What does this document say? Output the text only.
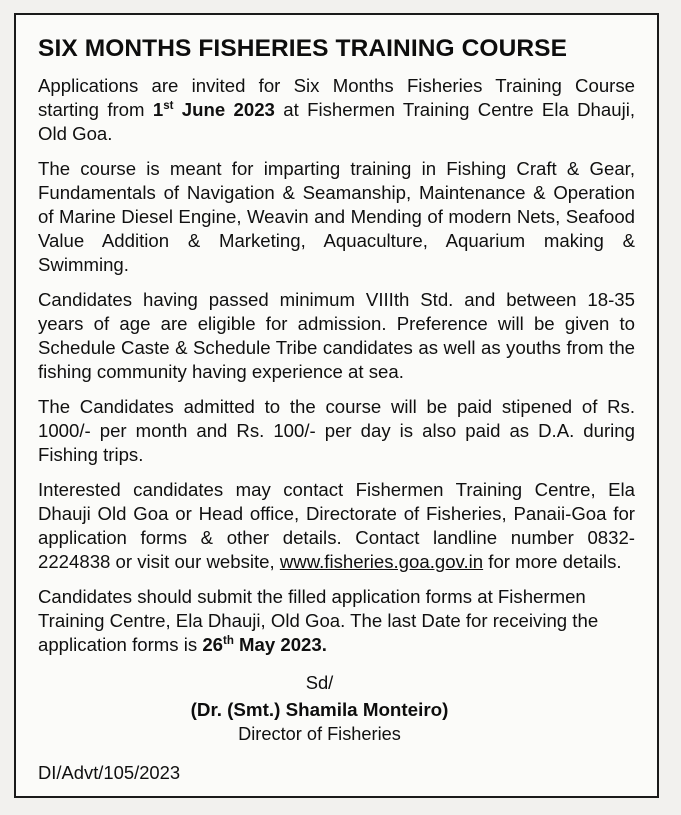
SIX MONTHS FISHERIES TRAINING COURSE

Applications are invited for Six Months Fisheries Training Course starting from 1st June 2023 at Fishermen Training Centre Ela Dhauji, Old Goa.

The course is meant for imparting training in Fishing Craft & Gear, Fundamentals of Navigation & Seamanship, Maintenance & Operation of Marine Diesel Engine, Weavin and Mending of modern Nets, Seafood Value Addition & Marketing, Aquaculture, Aquarium making & Swimming.

Candidates having passed minimum VIIIth Std. and between 18-35 years of age are eligible for admission. Preference will be given to Schedule Caste & Schedule Tribe candidates as well as youths from the fishing community having experience at sea.

The Candidates admitted to the course will be paid stipened of Rs. 1000/- per month and Rs. 100/- per day is also paid as D.A. during Fishing trips.

Interested candidates may contact Fishermen Training Centre, Ela Dhauji Old Goa or Head office, Directorate of Fisheries, Panaii-Goa for application forms & other details. Contact landline number 0832-2224838 or visit our website, www.fisheries.goa.gov.in for more details.

Candidates should submit the filled application forms at Fishermen Training Centre, Ela Dhauji, Old Goa. The last Date for receiving the application forms is 26th May 2023.

Sd/
(Dr. (Smt.) Shamila Monteiro)
Director of Fisheries
DI/Advt/105/2023
